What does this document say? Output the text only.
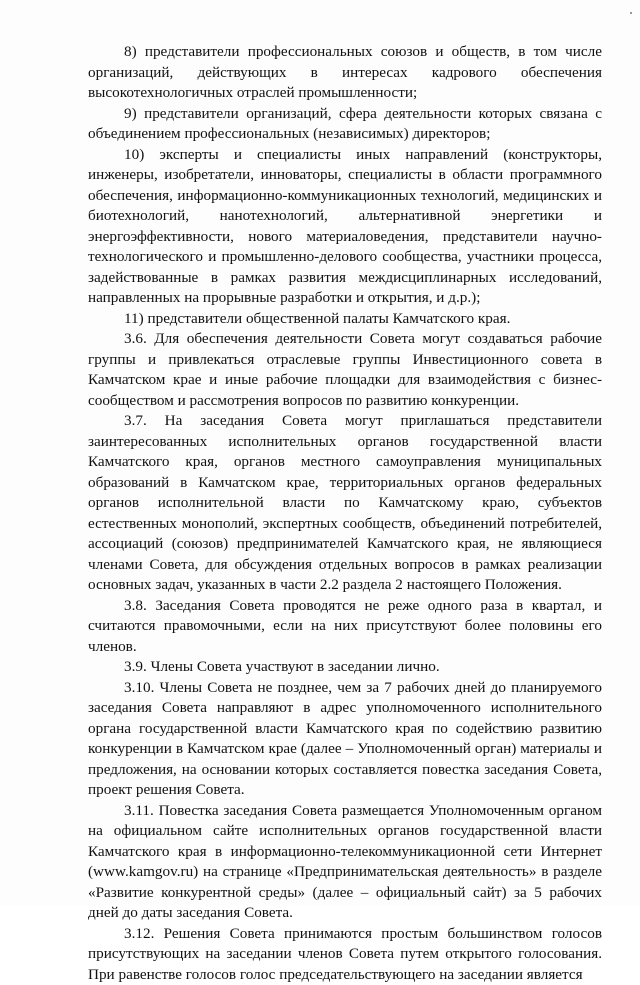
8) представители профессиональных союзов и обществ, в том числе организаций, действующих в интересах кадрового обеспечения высокотехнологичных отраслей промышленности;

9) представители организаций, сфера деятельности которых связана с объединением профессиональных (независимых) директоров;

10) эксперты и специалисты иных направлений (конструкторы, инженеры, изобретатели, инноваторы, специалисты в области программного обеспечения, информационно-коммуникационных технологий, медицинских и биотехнологий, нанотехнологий, альтернативной энергетики и энергоэффективности, нового материаловедения, представители научно-технологического и промышленно-делового сообщества, участники процесса, задействованные в рамках развития междисциплинарных исследований, направленных на прорывные разработки и открытия, и д.р.);

11) представители общественной палаты Камчатского края.

3.6. Для обеспечения деятельности Совета могут создаваться рабочие группы и привлекаться отраслевые группы Инвестиционного совета в Камчатском крае и иные рабочие площадки для взаимодействия с бизнес-сообществом и рассмотрения вопросов по развитию конкуренции.

3.7. На заседания Совета могут приглашаться представители заинтересованных исполнительных органов государственной власти Камчатского края, органов местного самоуправления муниципальных образований в Камчатском крае, территориальных органов федеральных органов исполнительной власти по Камчатскому краю, субъектов естественных монополий, экспертных сообществ, объединений потребителей, ассоциаций (союзов) предпринимателей Камчатского края, не являющиеся членами Совета, для обсуждения отдельных вопросов в рамках реализации основных задач, указанных в части 2.2 раздела 2 настоящего Положения.

3.8. Заседания Совета проводятся не реже одного раза в квартал, и считаются правомочными, если на них присутствуют более половины его членов.

3.9. Члены Совета участвуют в заседании лично.

3.10. Члены Совета не позднее, чем за 7 рабочих дней до планируемого заседания Совета направляют в адрес уполномоченного исполнительного органа государственной власти Камчатского края по содействию развитию конкуренции в Камчатском крае (далее – Уполномоченный орган) материалы и предложения, на основании которых составляется повестка заседания Совета, проект решения Совета.

3.11. Повестка заседания Совета размещается Уполномоченным органом на официальном сайте исполнительных органов государственной власти Камчатского края в информационно-телекоммуникационной сети Интернет (www.kamgov.ru) на странице «Предпринимательская деятельность» в разделе «Развитие конкурентной среды» (далее – официальный сайт) за 5 рабочих дней до даты заседания Совета.

3.12. Решения Совета принимаются простым большинством голосов присутствующих на заседании членов Совета путем открытого голосования. При равенстве голосов голос председательствующего на заседании является
